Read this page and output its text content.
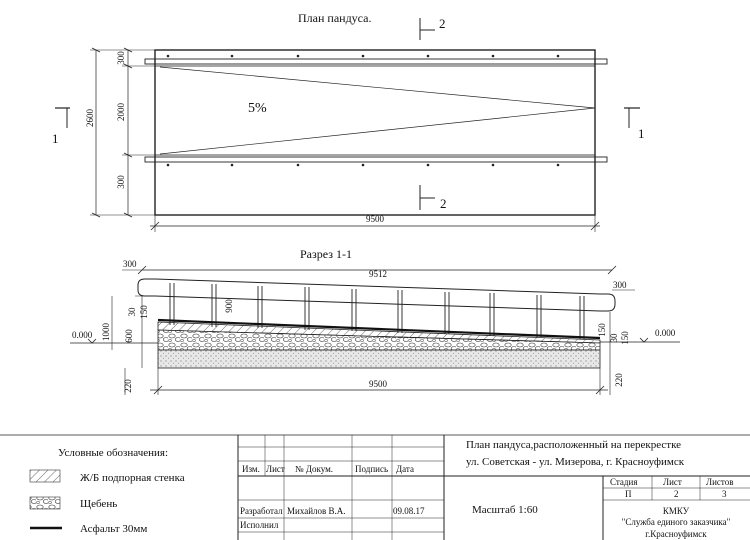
План пандуса.	2
2
1	1
5%
300
2600 2000
300
9500
Разрез 1-1
9512
300
300
0.000	0.000
30 150	900
1000 600
220
150
30 150
220
9500
Условные обозначения:
Ж/Б подпорная стенка
Щебень
Асфальт 30мм
Изм. Лист № Докум. Подпись Дата
Разработал Михайлов В.А.	09.08.17
Исполнил
План пандуса,расположенный на перекрестке
ул. Советская - ул. Мизерова, г. Красноуфимск
Масштаб 1:60
Стадия	Лист	Листов
П	2	3
КМКУ
"Служба единого заказчика"
г.Красноуфимск
